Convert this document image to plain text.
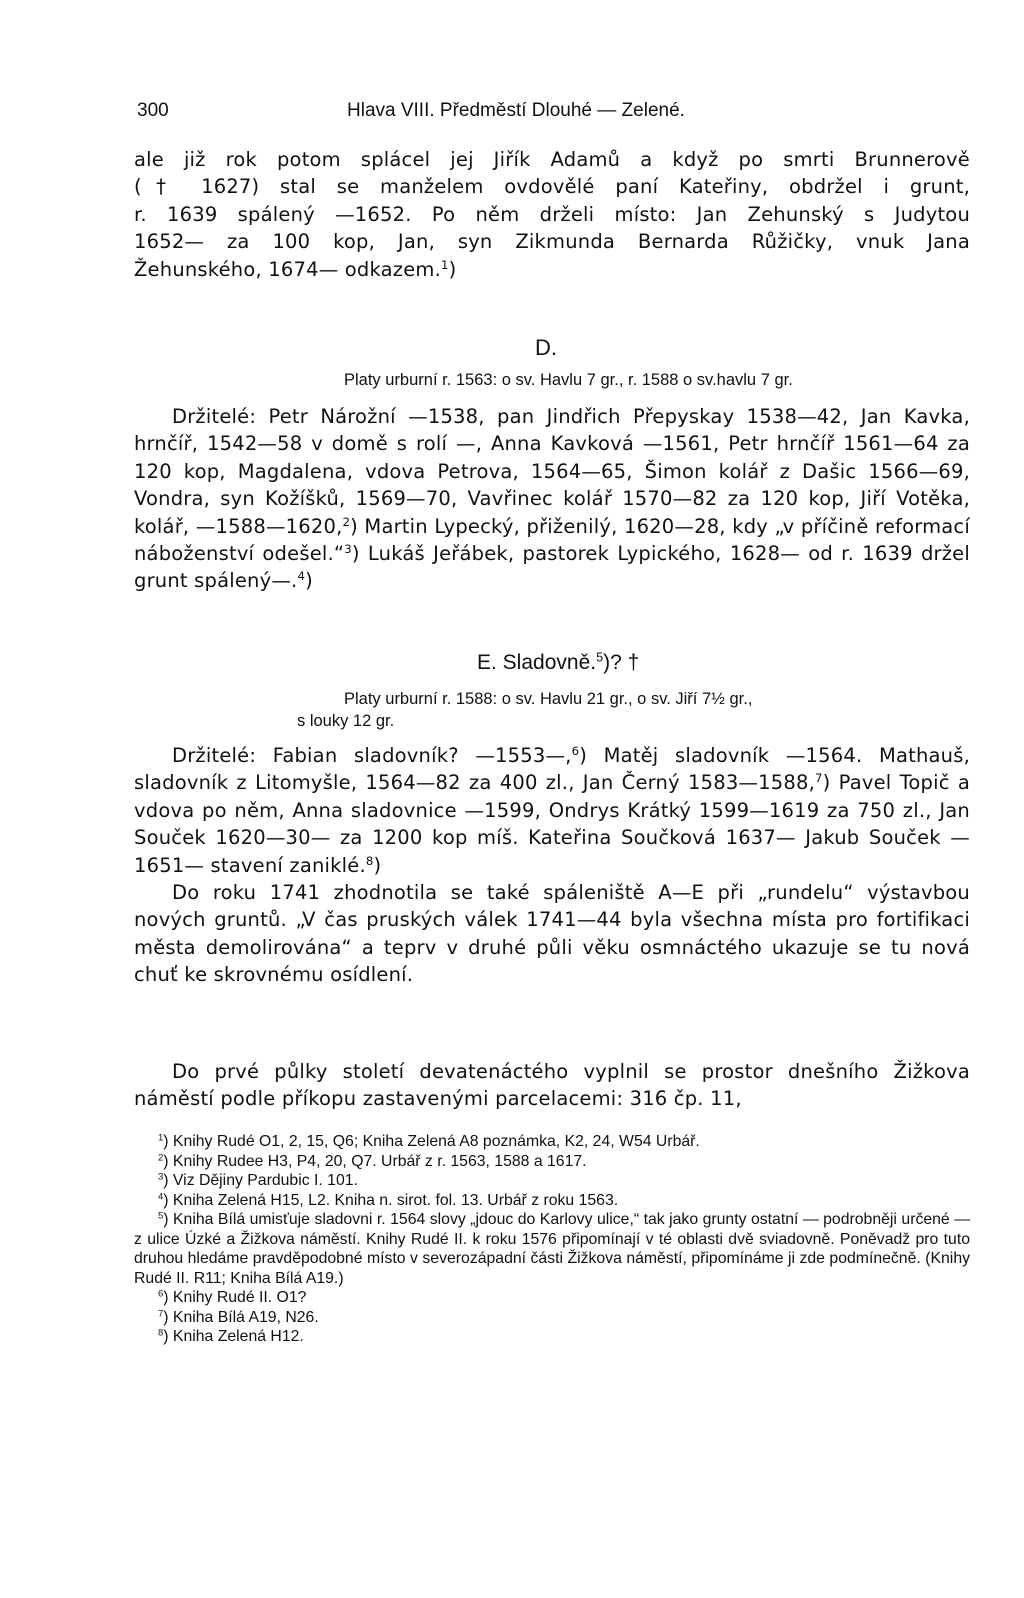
300	Hlava VIII. Předměstí Dlouhé — Zelené.

ale již rok potom splácel jej Jiřík Adamů a když po smrti Brunnerově

(† 1627) stal se manželem ovdovělé paní Kateřiny, obdržel i grunt,

r. 1639 spálený —1652. Po něm drželi místo: Jan Zehunský s Judytou

1652— za 100 kop, Jan, syn Zikmunda Bernarda Růžičky, vnuk Jana

Žehunského, 1674— odkazem.$^1$)

D.

Platy urburní r. 1563: o sv. Havlu 7 gr., r. 1588 o sv.havlu 7 gr.

Držitelé: Petr Nárožní —1538, pan Jindřich Přepyskay 1538—42, Jan Kavka, hrnčíř, 1542—58 v domě s rolí —, Anna Kavková —1561, Petr hrnčíř 1561—64 za 120 kop, Magdalena, vdova Petrova, 1564—65, Šimon kolář z Dašic 1566—69, Vondra, syn Kožíšků, 1569—70, Vavřinec kolář 1570—82 za 120 kop, Jiří Votěka, kolář, —1588—1620,$^2$) Martin Lypecký, přiženilý, 1620—28, kdy „v příčině reformací náboženství odešel.“$^3$) Lukáš Jeřábek, pastorek Lypického, 1628— od r. 1639 držel grunt spálený—.$^4$)

E. Sladovně.$^5$)? †

Platy urburní r. 1588: o sv. Havlu 21 gr., o sv. Jiří 7½ gr.,

s louky 12 gr.

Držitelé: Fabian sladovník? —1553—,$^6$) Matěj sladovník —1564. Mathauš, sladovník z Litomyšle, 1564—82 za 400 zl., Jan Černý 1583—1588,$^7$) Pavel Topič a vdova po něm, Anna sladovnice —1599, Ondrys Krátký 1599—1619 za 750 zl., Jan Souček 1620—30— za 1200 kop míš. Kateřina Součková 1637— Jakub Souček —1651— stavení zaniklé.$^8$)

Do roku 1741 zhodnotila se také spáleniště A—E při „rundelu“ výstavbou nových gruntů. „V čas pruských válek 1741—44 byla všechna místa pro fortifikaci města demolirována“ a teprv v druhé půli věku osmnáctého ukazuje se tu nová chuť ke skrovnému osídlení.

Do prvé půlky století devatenáctého vyplnil se prostor dnešního Žižkova náměstí podle příkopu zastavenými parcelacemi: 316 čp. 11,

$^1$) Knihy Rudé O1, 2, 15, Q6; Kniha Zelená A8 poznámka, K2, 24, W54 Urbář.

$^2$) Knihy Rudee H3, P4, 20, Q7. Urbář z r. 1563, 1588 a 1617.

$^3$) Viz Dějiny Pardubic I. 101.

$^4$) Kniha Zelená H15, L2. Kniha n. sirot. fol. 13. Urbář z roku 1563.

$^5$) Kniha Bílá umisťuje sladovni r. 1564 slovy „jdouc do Karlovy ulice,“ tak jako grunty ostatní — podrobněji určené — z ulice Úzké a Žižkova náměstí. Knihy Rudé II. k roku 1576 připomínají v té oblasti dvě sviadovně. Poněvadž pro tuto druhou hledáme pravděpodobné místo v severozápadní části Žižkova náměstí, připomínáme ji zde podmínečně. (Knihy Rudé II. R11; Kniha Bílá A19.)

$^6$) Knihy Rudé II. O1?

$^7$) Kniha Bílá A19, N26.

$^8$) Kniha Zelená H12.
